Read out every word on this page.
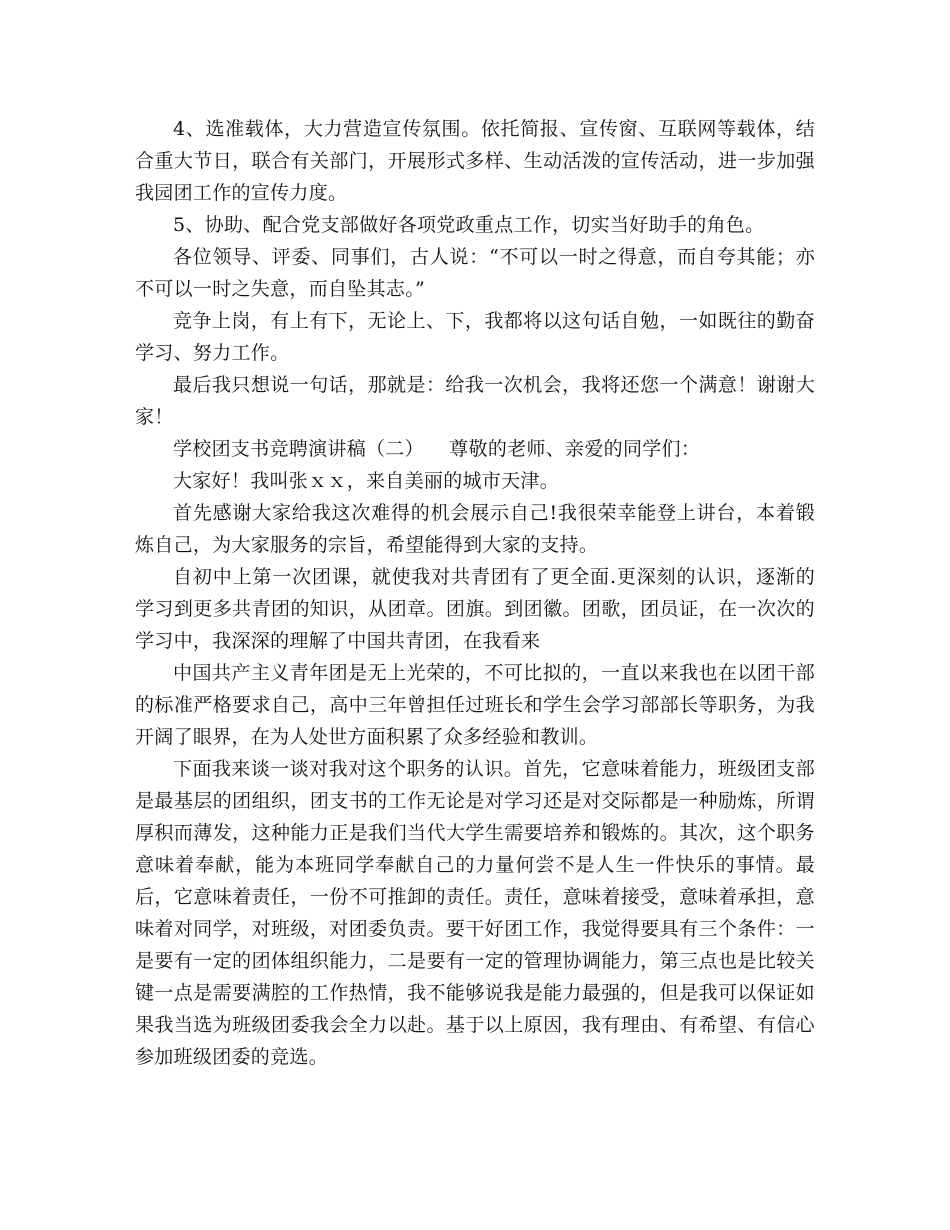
4、选准载体，大力营造宣传氛围。依托简报、宣传窗、互联网等载体，结合重大节日，联合有关部门，开展形式多样、生动活泼的宣传活动，进一步加强我园团工作的宣传力度。

5、协助、配合党支部做好各项党政重点工作，切实当好助手的角色。

各位领导、评委、同事们，古人说：“不可以一时之得意，而自夸其能；亦不可以一时之失意，而自坠其志。”

竞争上岗，有上有下，无论上、下，我都将以这句话自勉，一如既往的勤奋学习、努力工作。

最后我只想说一句话，那就是：给我一次机会，我将还您一个满意！谢谢大家！

学校团支书竞聘演讲稿（二）    尊敬的老师、亲爱的同学们：

大家好！我叫张ｘｘ，来自美丽的城市天津。

首先感谢大家给我这次难得的机会展示自己!我很荣幸能登上讲台，本着锻炼自己，为大家服务的宗旨，希望能得到大家的支持。

自初中上第一次团课，就使我对共青团有了更全面.更深刻的认识，逐渐的学习到更多共青团的知识，从团章。团旗。到团徽。团歌，团员证，在一次次的学习中，我深深的理解了中国共青团，在我看来

中国共产主义青年团是无上光荣的，不可比拟的，一直以来我也在以团干部的标准严格要求自己，高中三年曾担任过班长和学生会学习部部长等职务，为我开阔了眼界，在为人处世方面积累了众多经验和教训。

下面我来谈一谈对我对这个职务的认识。首先，它意味着能力，班级团支部是最基层的团组织，团支书的工作无论是对学习还是对交际都是一种励炼，所谓厚积而薄发，这种能力正是我们当代大学生需要培养和锻炼的。其次，这个职务意味着奉献，能为本班同学奉献自己的力量何尝不是人生一件快乐的事情。最后，它意味着责任，一份不可推卸的责任。责任，意味着接受，意味着承担，意味着对同学，对班级，对团委负责。要干好团工作，我觉得要具有三个条件：一是要有一定的团体组织能力，二是要有一定的管理协调能力，第三点也是比较关键一点是需要满腔的工作热情，我不能够说我是能力最强的，但是我可以保证如果我当选为班级团委我会全力以赴。基于以上原因，我有理由、有希望、有信心参加班级团委的竞选。
